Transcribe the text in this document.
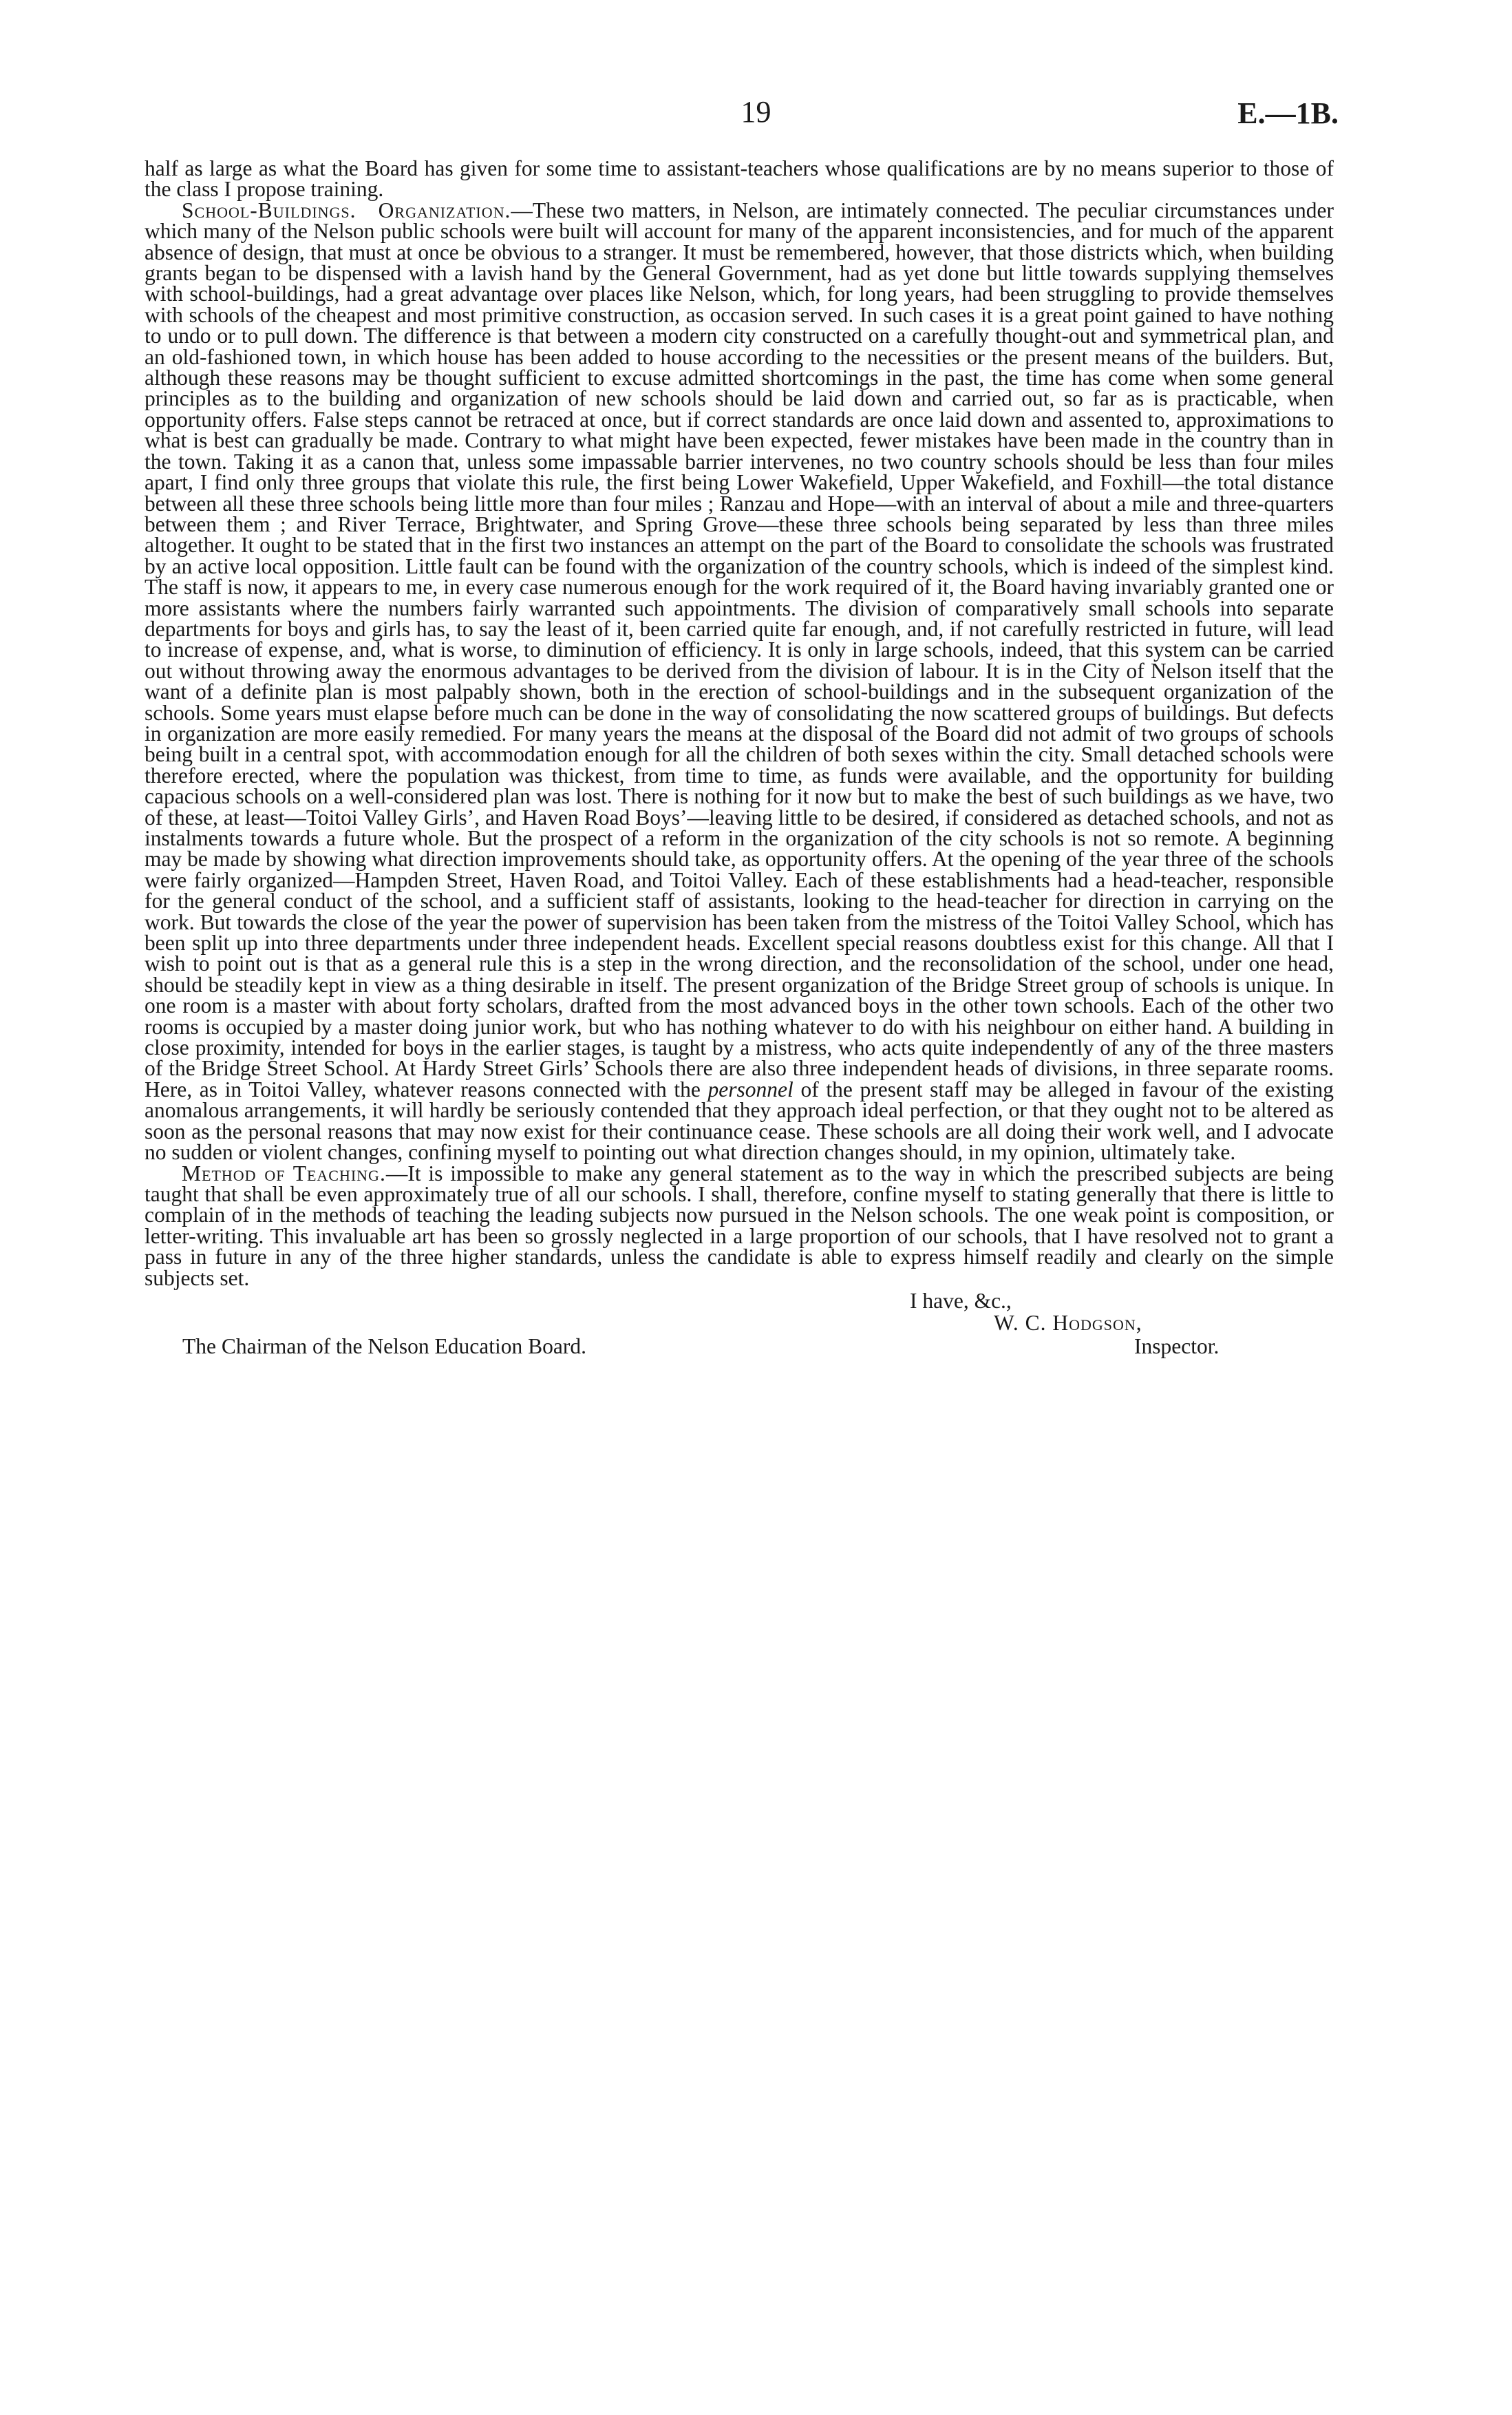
19	E.—1B.

half as large as what the Board has given for some time to assistant-teachers whose qualifications are by no means superior to those of the class I propose training.

School-Buildings. Organization.—These two matters, in Nelson, are intimately connected. The peculiar circumstances under which many of the Nelson public schools were built will account for many of the apparent inconsistencies, and for much of the apparent absence of design, that must at once be obvious to a stranger. It must be remembered, however, that those districts which, when building grants began to be dispensed with a lavish hand by the General Government, had as yet done but little towards supplying themselves with school-buildings, had a great advantage over places like Nelson, which, for long years, had been struggling to provide themselves with schools of the cheapest and most primitive construction, as occasion served. In such cases it is a great point gained to have nothing to undo or to pull down. The difference is that between a modern city constructed on a carefully thought-out and symmetrical plan, and an old-fashioned town, in which house has been added to house according to the necessities or the present means of the builders. But, although these reasons may be thought sufficient to excuse admitted shortcomings in the past, the time has come when some general principles as to the building and organization of new schools should be laid down and carried out, so far as is practicable, when opportunity offers. False steps cannot be retraced at once, but if correct standards are once laid down and assented to, approximations to what is best can gradually be made. Contrary to what might have been expected, fewer mistakes have been made in the country than in the town. Taking it as a canon that, unless some impassable barrier intervenes, no two country schools should be less than four miles apart, I find only three groups that violate this rule, the first being Lower Wakefield, Upper Wakefield, and Foxhill—the total distance between all these three schools being little more than four miles ; Ranzau and Hope—with an interval of about a mile and three-quarters between them ; and River Terrace, Brightwater, and Spring Grove—these three schools being separated by less than three miles altogether. It ought to be stated that in the first two instances an attempt on the part of the Board to consolidate the schools was frustrated by an active local opposition. Little fault can be found with the organization of the country schools, which is indeed of the simplest kind. The staff is now, it appears to me, in every case numerous enough for the work required of it, the Board having invariably granted one or more assistants where the numbers fairly warranted such appointments. The division of comparatively small schools into separate departments for boys and girls has, to say the least of it, been carried quite far enough, and, if not carefully restricted in future, will lead to increase of expense, and, what is worse, to diminution of efficiency. It is only in large schools, indeed, that this system can be carried out without throwing away the enormous advantages to be derived from the division of labour. It is in the City of Nelson itself that the want of a definite plan is most palpably shown, both in the erection of school-buildings and in the subsequent organization of the schools. Some years must elapse before much can be done in the way of consolidating the now scattered groups of buildings. But defects in organization are more easily remedied. For many years the means at the disposal of the Board did not admit of two groups of schools being built in a central spot, with accommodation enough for all the children of both sexes within the city. Small detached schools were therefore erected, where the population was thickest, from time to time, as funds were available, and the opportunity for building capacious schools on a well-considered plan was lost. There is nothing for it now but to make the best of such buildings as we have, two of these, at least—Toitoi Valley Girls’, and Haven Road Boys’—leaving little to be desired, if considered as detached schools, and not as instalments towards a future whole. But the prospect of a reform in the organization of the city schools is not so remote. A beginning may be made by showing what direction improvements should take, as opportunity offers. At the opening of the year three of the schools were fairly organized—Hampden Street, Haven Road, and Toitoi Valley. Each of these establishments had a head-teacher, responsible for the general conduct of the school, and a sufficient staff of assistants, looking to the head-teacher for direction in carrying on the work. But towards the close of the year the power of supervision has been taken from the mistress of the Toitoi Valley School, which has been split up into three departments under three independent heads. Excellent special reasons doubtless exist for this change. All that I wish to point out is that as a general rule this is a step in the wrong direction, and the reconsolidation of the school, under one head, should be steadily kept in view as a thing desirable in itself. The present organization of the Bridge Street group of schools is unique. In one room is a master with about forty scholars, drafted from the most advanced boys in the other town schools. Each of the other two rooms is occupied by a master doing junior work, but who has nothing whatever to do with his neighbour on either hand. A building in close proximity, intended for boys in the earlier stages, is taught by a mistress, who acts quite independently of any of the three masters of the Bridge Street School. At Hardy Street Girls’ Schools there are also three independent heads of divisions, in three separate rooms. Here, as in Toitoi Valley, whatever reasons connected with the personnel of the present staff may be alleged in favour of the existing anomalous arrangements, it will hardly be seriously contended that they approach ideal perfection, or that they ought not to be altered as soon as the personal reasons that may now exist for their continuance cease. These schools are all doing their work well, and I advocate no sudden or violent changes, confining myself to pointing out what direction changes should, in my opinion, ultimately take.

Method of Teaching.—It is impossible to make any general statement as to the way in which the prescribed subjects are being taught that shall be even approximately true of all our schools. I shall, therefore, confine myself to stating generally that there is little to complain of in the methods of teaching the leading subjects now pursued in the Nelson schools. The one weak point is composition, or letter-writing. This invaluable art has been so grossly neglected in a large proportion of our schools, that I have resolved not to grant a pass in future in any of the three higher standards, unless the candidate is able to express himself readily and clearly on the simple subjects set.

I have, &c.,
W. C. Hodgson,
The Chairman of the Nelson Education Board.	Inspector.
